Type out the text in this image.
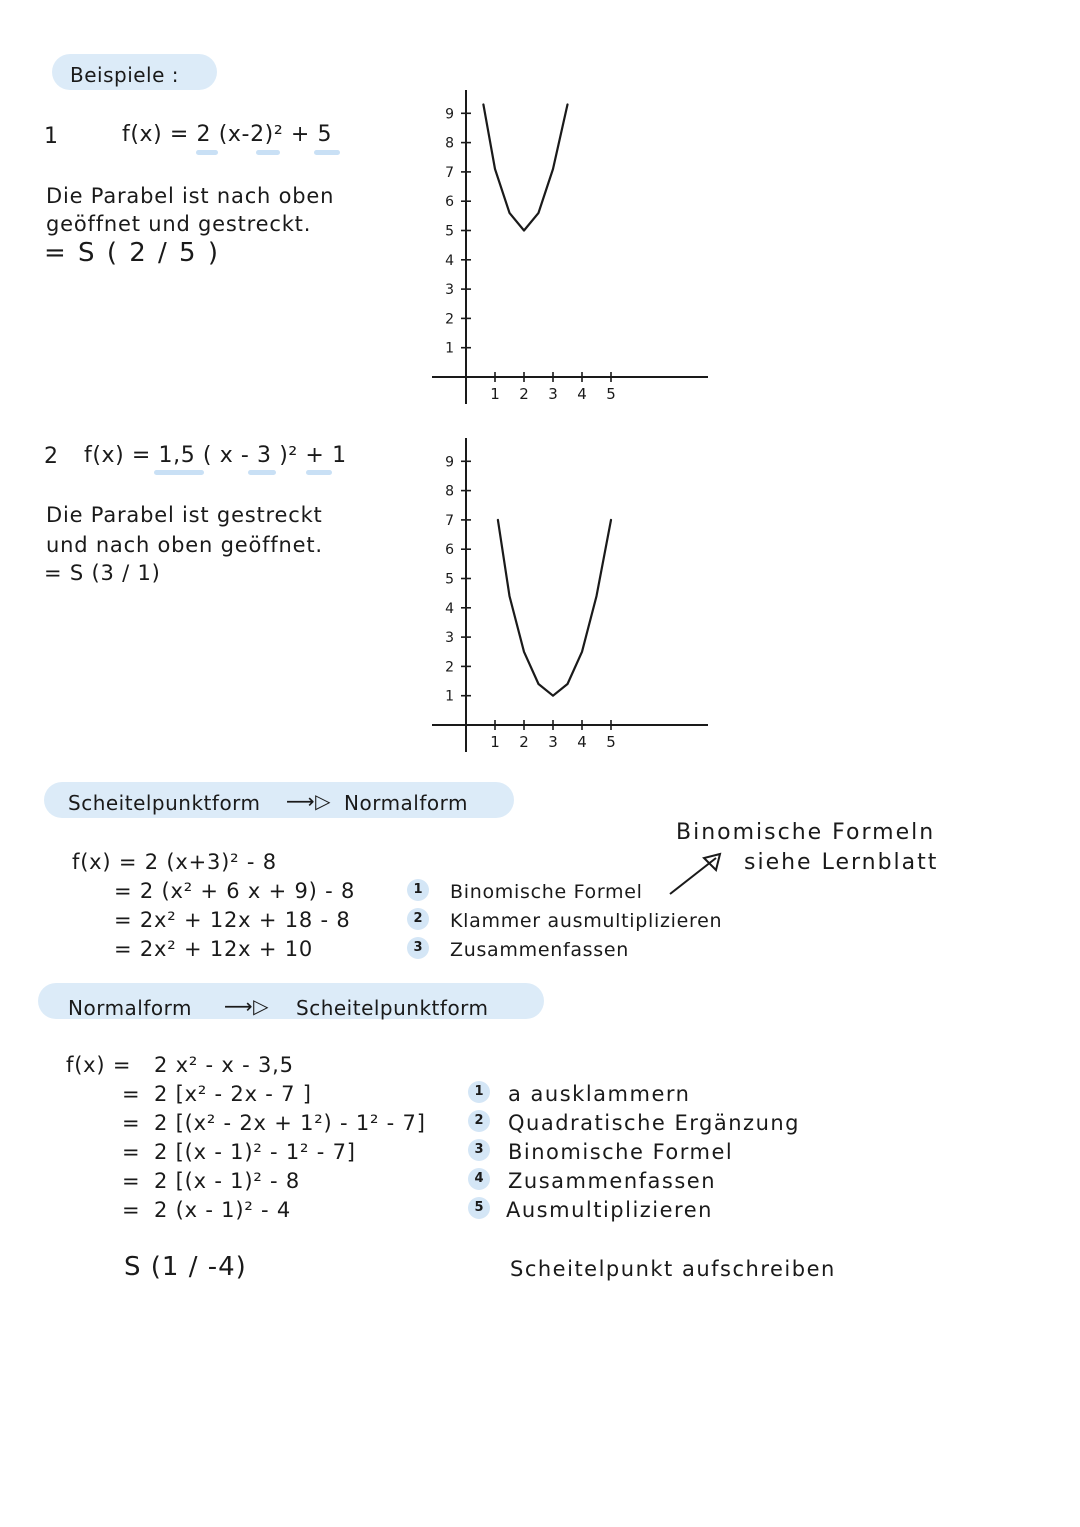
Beispiele :
1	f(x) = 2 (x-2)² + 5
Die Parabel ist nach oben
geöffnet und gestreckt.
= S ( 2 / 5 )
1 2 3 4 5
1
2
3
4
5
6
7
8
9
2 f(x) = 1,5 ( x - 3 )² + 1
Die Parabel ist gestreckt
und nach oben geöffnet.
= S (3 / 1)
1 2 3 4 5
1
2
3
4
5
6
7
8
9
Scheitelpunktform ⟶▷ Normalform
f(x) = 2 (x+3)² - 8
= 2 (x² + 6 x + 9) - 8
= 2x² + 12x + 18 - 8
= 2x² + 12x + 10
1	Binomische Formel
2	Klammer ausmultiplizieren
3	Zusammenfassen
Binomische Formeln
siehe Lernblatt
Normalform ⟶▷ Scheitelpunktform
f(x) = 2 x² - x - 3,5
= 2 [x² - 2x - 7 ]
= 2 [(x² - 2x + 1²) - 1² - 7]
= 2 [(x - 1)² - 1² - 7]
= 2 [(x - 1)² - 8
= 2 (x - 1)² - 4
1	a ausklammern
2	Quadratische Ergänzung
3	Binomische Formel
4	Zusammenfassen
5	Ausmultiplizieren
S (1 / -4)	Scheitelpunkt aufschreiben
